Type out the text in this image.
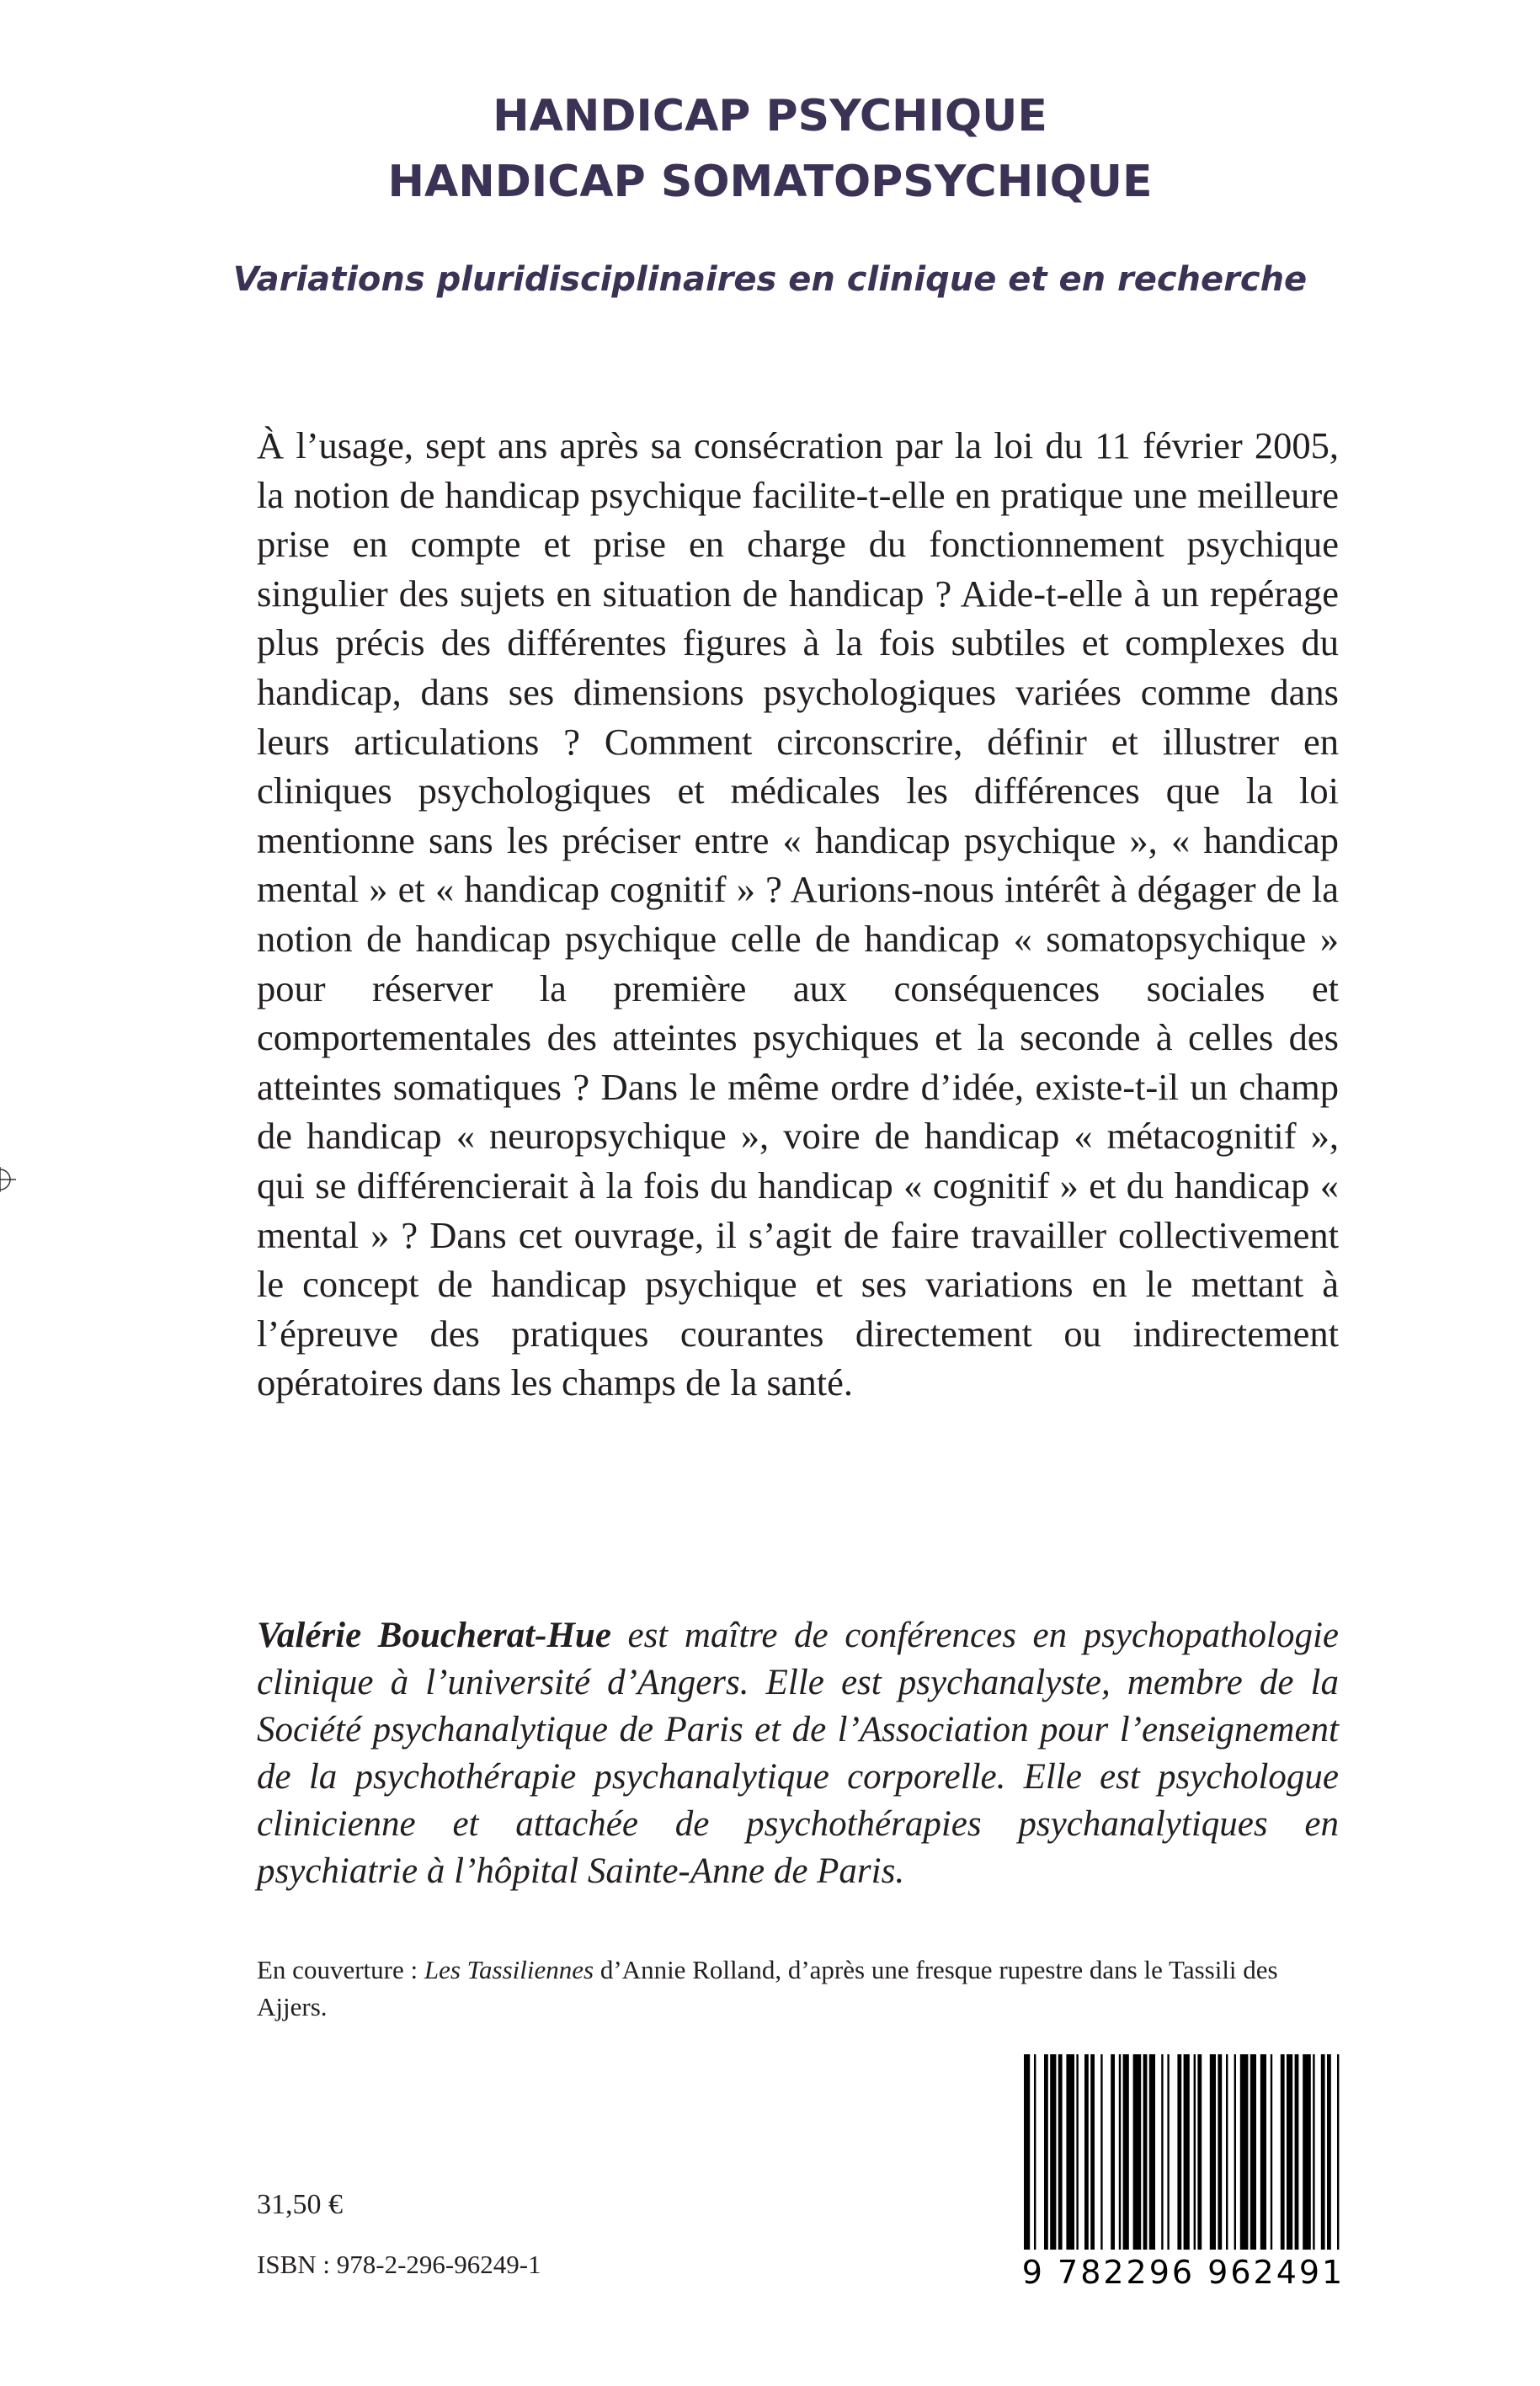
HANDICAP PSYCHIQUE
HANDICAP SOMATOPSYCHIQUE
Variations pluridisciplinaires en clinique et en recherche

À l’usage, sept ans après sa consécration par la loi du 11 février 2005, la notion de handicap psychique facilite-t-elle en pratique une meilleure prise en compte et prise en charge du fonctionnement psychique singulier des sujets en situation de handicap ? Aide-t-elle à un repérage plus précis des différentes figures à la fois subtiles et complexes du handicap, dans ses dimensions psychologiques variées comme dans leurs articulations ? Comment circonscrire, définir et illustrer en cliniques psychologiques et médicales les différences que la loi mentionne sans les préciser entre « handicap psychique », « handicap mental » et « handicap cognitif » ? Aurions-nous intérêt à dégager de la notion de handicap psychique celle de handicap « somatopsychique » pour réserver la première aux conséquences sociales et comportementales des atteintes psychiques et la seconde à celles des atteintes somatiques ? Dans le même ordre d’idée, existe-t-il un champ de handicap « neuropsychique », voire de handicap « métacognitif », qui se différencierait à la fois du handicap « cognitif » et du handicap « mental » ? Dans cet ouvrage, il s’agit de faire travailler collectivement le concept de handicap psychique et ses variations en le mettant à l’épreuve des pratiques courantes directement ou indirectement opératoires dans les champs de la santé.

Valérie Boucherat-Hue est maître de conférences en psychopathologie clinique à l’université d’Angers. Elle est psychanalyste, membre de la Société psychanalytique de Paris et de l’Association pour l’enseignement de la psychothérapie psychanalytique corporelle. Elle est psychologue clinicienne et attachée de psychothérapies psychanalytiques en psychiatrie à l’hôpital Sainte-Anne de Paris.

En couverture : Les Tassiliennes d’Annie Rolland, d’après une fresque rupestre dans le Tassili des Ajjers.

9 782296 962491
31,50 €
ISBN : 978-2-296-96249-1
